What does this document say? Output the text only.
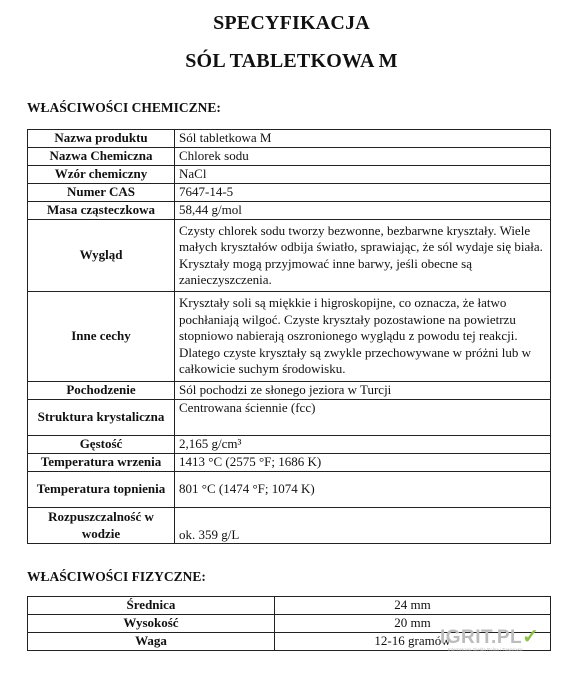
SPECYFIKACJA
SÓL TABLETKOWA M
WŁAŚCIWOŚCI CHEMICZNE:
Nazwa produktu	Sól tabletkowa M
Nazwa Chemiczna	Chlorek sodu
Wzór chemiczny	NaCl
Numer CAS	7647-14-5
Masa cząsteczkowa	58,44 g/mol
Wygląd	Czysty chlorek sodu tworzy bezwonne, bezbarwne kryształy. Wiele małych kryształów odbija światło, sprawiając, że sól wydaje się biała. Kryształy mogą przyjmować inne barwy, jeśli obecne są zanieczyszczenia.
Inne cechy	Kryształy soli są miękkie i higroskopijne, co oznacza, że łatwo pochłaniają wilgoć. Czyste kryształy pozostawione na powietrzu stopniowo nabierają oszronionego wyglądu z powodu tej reakcji. Dlatego czyste kryształy są zwykle przechowywane w próżni lub w całkowicie suchym środowisku.
Pochodzenie	Sól pochodzi ze słonego jeziora w Turcji
Struktura krystaliczna	Centrowana ściennie (fcc)
Gęstość	2,165 g/cm³
Temperatura wrzenia	1413 °C (2575 °F; 1686 K)
Temperatura topnienia	801 °C (1474 °F; 1074 K)
Rozpuszczalność w wodzie	ok. 359 g/L
WŁAŚCIWOŚCI FIZYCZNE:
Średnica	24 mm
Wysokość	20 mm
Waga	12-16 gramów
IGRIT.PL✓
Internetowa Giełda Rolna i Towarowa
